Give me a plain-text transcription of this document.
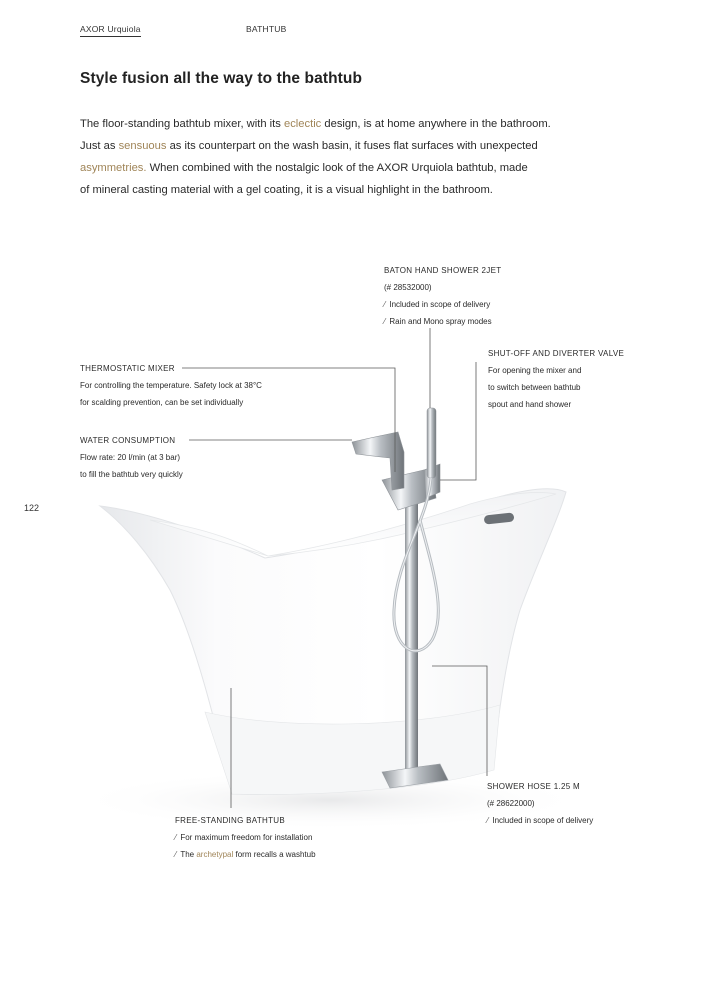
AXOR Urquiola	BATHTUB
Style fusion all the way to the bathtub

The floor-standing bathtub mixer, with its eclectic design, is at home anywhere in the bathroom.

Just as sensuous as its counterpart on the wash basin, it fuses flat surfaces with unexpected

asymmetries. When combined with the nostalgic look of the AXOR Urquiola bathtub, made

of mineral casting material with a gel coating, it is a visual highlight in the bathroom.

122
BATON HAND SHOWER 2JET
(# 28532000)
⁄ Included in scope of delivery
⁄ Rain and Mono spray modes
SHUT-OFF AND DIVERTER VALVE
For opening the mixer and
to switch between bathtub
spout and hand shower
THERMOSTATIC MIXER
For controlling the temperature. Safety lock at 38°C
for scalding prevention, can be set individually
WATER CONSUMPTION
Flow rate: 20 l/min (at 3 bar)
to fill the bathtub very quickly
FREE-STANDING BATHTUB
⁄ For maximum freedom for installation
⁄ The archetypal form recalls a washtub
SHOWER HOSE 1.25 M
(# 28622000)
⁄ Included in scope of delivery
